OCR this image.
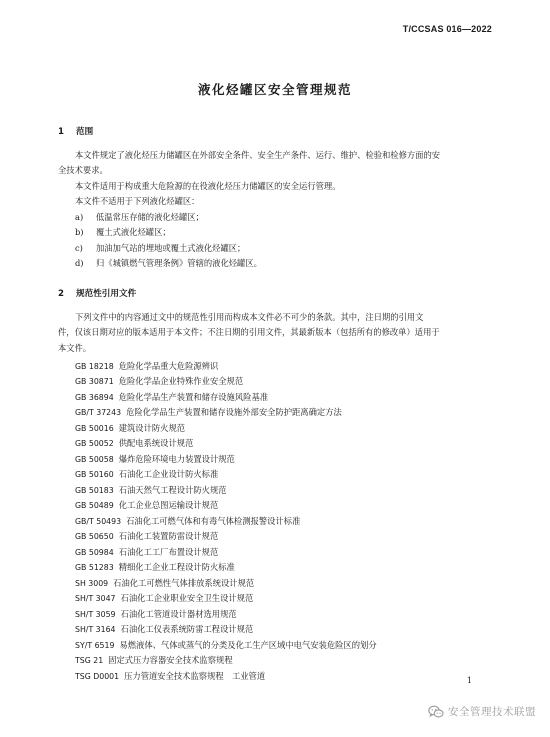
T/CCSAS 016—2022
液化烃罐区安全管理规范
1 范围
本文件规定了液化烃压力储罐区在外部安全条件、安全生产条件、运行、维护、检验和检修方面的安
全技术要求。
本文件适用于构成重大危险源的在役液化烃压力储罐区的安全运行管理。
本文件不适用于下列液化烃罐区：
a) 低温常压存储的液化烃罐区；
b) 覆土式液化烃罐区；
c) 加油加气站的埋地或覆土式液化烃罐区；
d) 归《城镇燃气管理条例》管辖的液化烃罐区。
2 规范性引用文件
下列文件中的内容通过文中的规范性引用而构成本文件必不可少的条款。其中，注日期的引用文
件，仅该日期对应的版本适用于本文件；不注日期的引用文件，其最新版本（包括所有的修改单）适用于
本文件。
GB 18218 危险化学品重大危险源辨识
GB 30871 危险化学品企业特殊作业安全规范
GB 36894 危险化学品生产装置和储存设施风险基准
GB/T 37243 危险化学品生产装置和储存设施外部安全防护距离确定方法
GB 50016 建筑设计防火规范
GB 50052 供配电系统设计规范
GB 50058 爆炸危险环境电力装置设计规范
GB 50160 石油化工企业设计防火标准
GB 50183 石油天然气工程设计防火规范
GB 50489 化工企业总图运输设计规范
GB/T 50493 石油化工可燃气体和有毒气体检测报警设计标准
GB 50650 石油化工装置防雷设计规范
GB 50984 石油化工工厂布置设计规范
GB 51283 精细化工企业工程设计防火标准
SH 3009 石油化工可燃性气体排放系统设计规范
SH/T 3047 石油化工企业职业安全卫生设计规范
SH/T 3059 石油化工管道设计器材选用规范
SH/T 3164 石油化工仪表系统防雷工程设计规范
SY/T 6519 易燃液体、气体或蒸气的分类及化工生产区域中电气安装危险区的划分
TSG 21 固定式压力容器安全技术监察规程
TSG D0001 压力管道安全技术监察规程　工业管道	1
安全管理技术联盟
